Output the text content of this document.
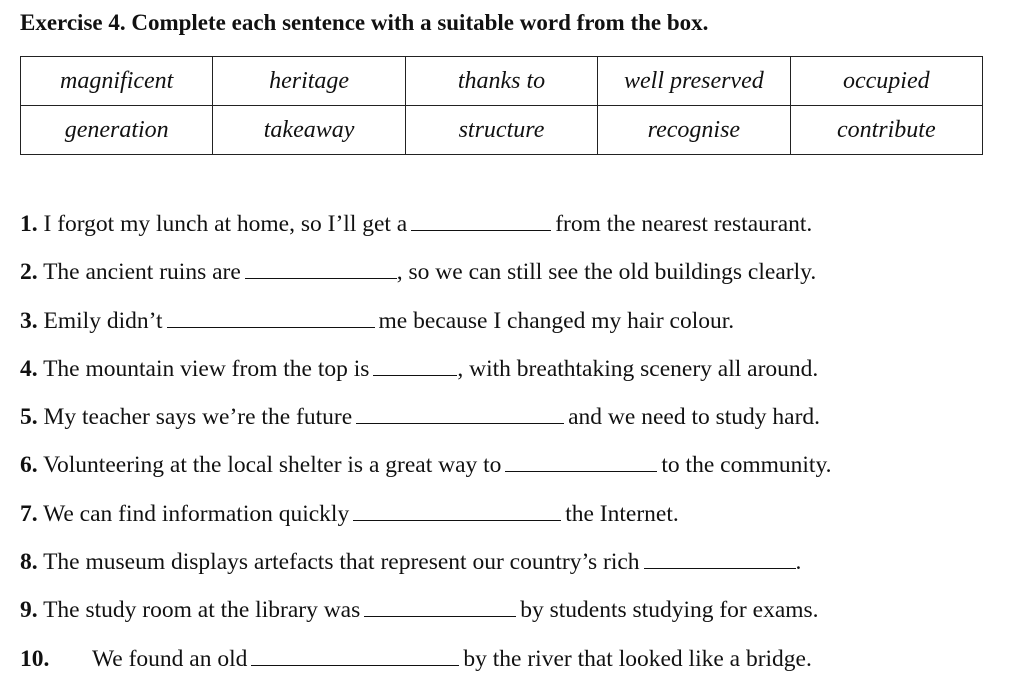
Exercise 4. Complete each sentence with a suitable word from the box.
magnificent	heritage	thanks to	well preserved	occupied
generation	takeaway	structure	recognise	contribute
1. I forgot my lunch at home, so I’ll get a	from the nearest restaurant.
2. The ancient ruins are	, so we can still see the old buildings clearly.
3. Emily didn’t	me because I changed my hair colour.
4. The mountain view from the top is	, with breathtaking scenery all around.
5. My teacher says we’re the future	and we need to study hard.
6. Volunteering at the local shelter is a great way to	to the community.
7. We can find information quickly	the Internet.
8. The museum displays artefacts that represent our country’s rich	.
9. The study room at the library was	by students studying for exams.
10. We found an old	by the river that looked like a bridge.
